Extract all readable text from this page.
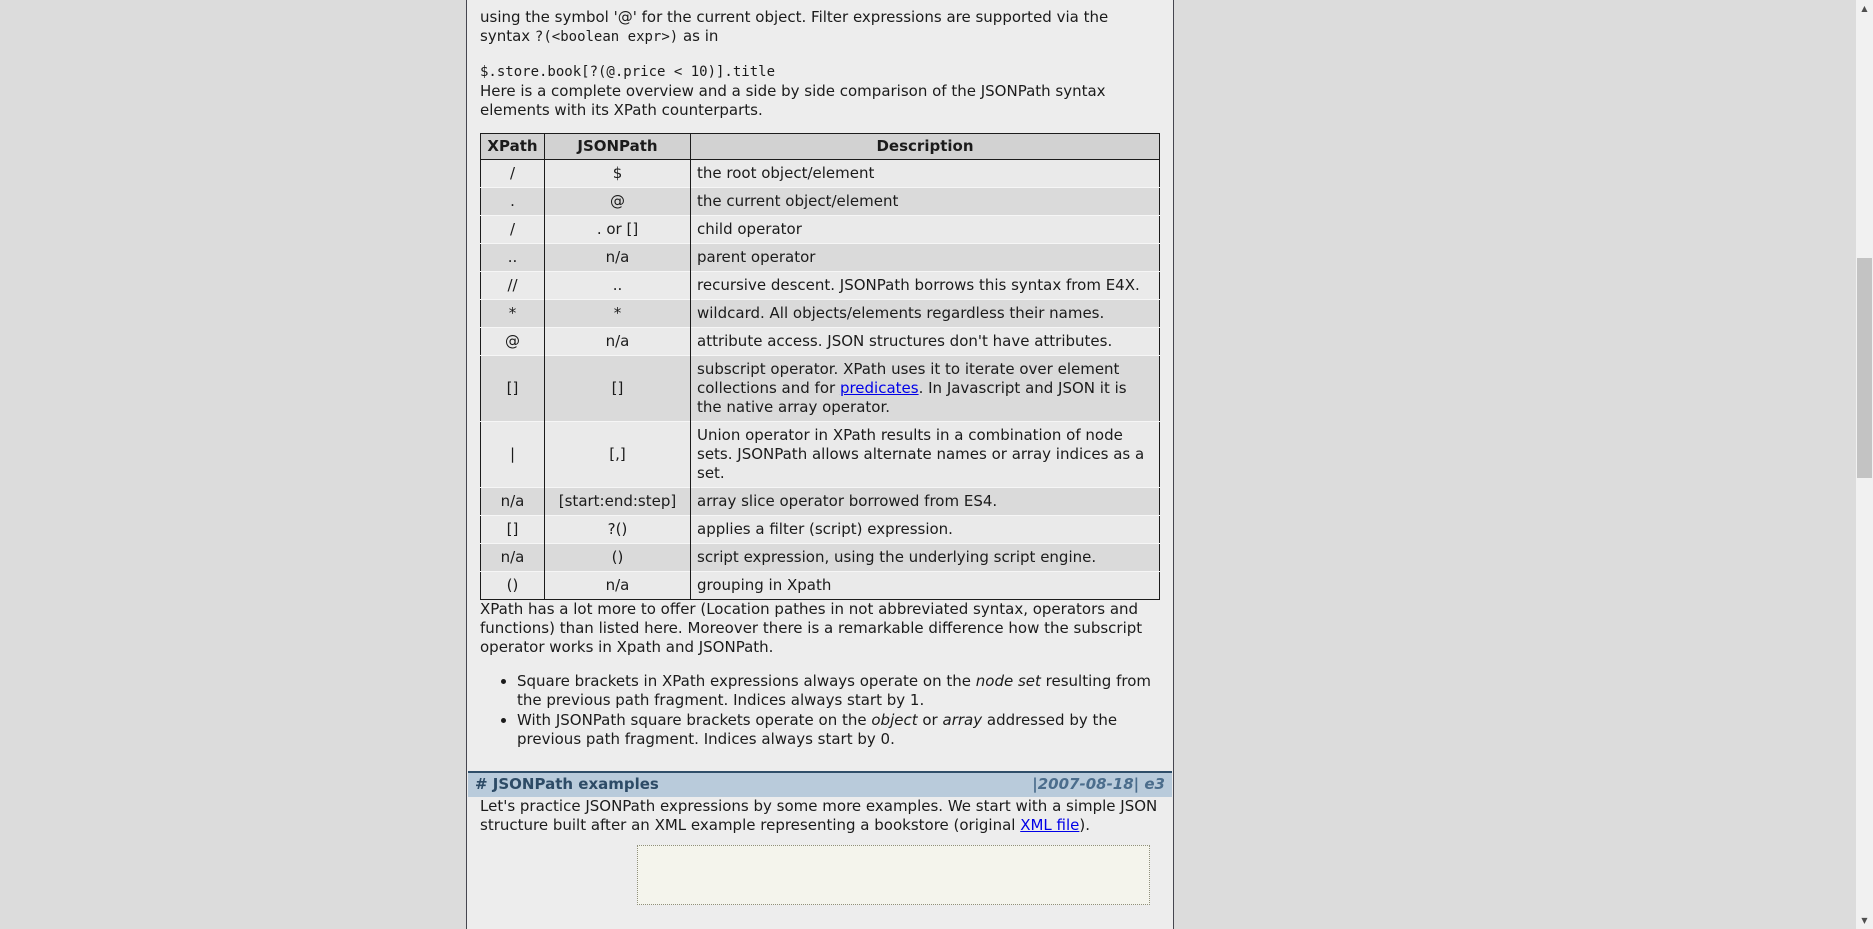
using the symbol '@' for the current object. Filter expressions are supported via the syntax ?(<boolean expr>) as in

$.store.book[?(@.price < 10)].title

Here is a complete overview and a side by side comparison of the JSONPath syntax elements with its XPath counterparts.

XPath	JSONPath	Description
/	$	the root object/element
.	@	the current object/element
/	. or []	child operator
..	n/a	parent operator
//	..	recursive descent. JSONPath borrows this syntax from E4X.
*	*	wildcard. All objects/elements regardless their names.
@	n/a	attribute access. JSON structures don't have attributes.
[]	[]	subscript operator. XPath uses it to iterate over element collections and for predicates. In Javascript and JSON it is the native array operator.
|	[,]	Union operator in XPath results in a combination of node sets. JSONPath allows alternate names or array indices as a set.
n/a	[start:end:step]	array slice operator borrowed from ES4.
[]	?()	applies a filter (script) expression.
n/a	()	script expression, using the underlying script engine.
()	n/a	grouping in Xpath

XPath has a lot more to offer (Location pathes in not abbreviated syntax, operators and functions) than listed here. Moreover there is a remarkable difference how the subscript operator works in Xpath and JSONPath.

• Square brackets in XPath expressions always operate on the node set resulting from the previous path fragment. Indices always start by 1.
• With JSONPath square brackets operate on the object or array addressed by the previous path fragment. Indices always start by 0.
# JSONPath examples	|2007-08-18| e3

Let's practice JSONPath expressions by some more examples. We start with a simple JSON structure built after an XML example representing a bookstore (original XML file).

▲
▼
